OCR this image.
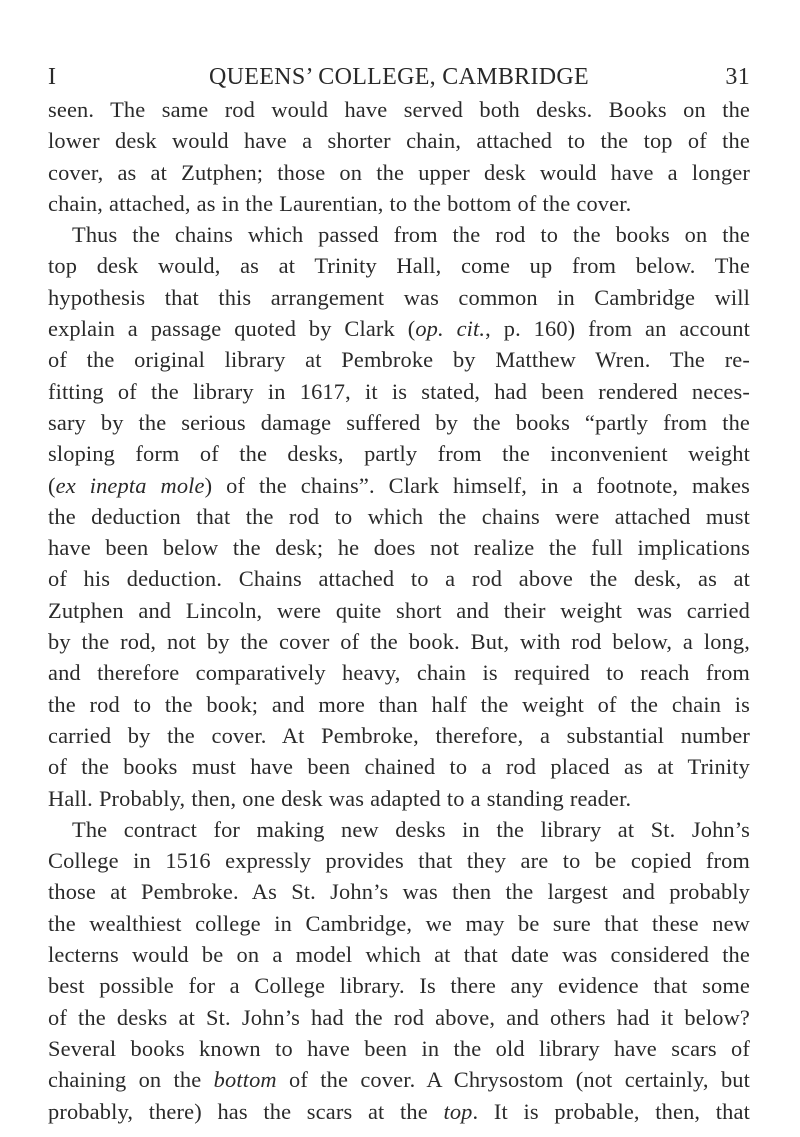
I	QUEENS’ COLLEGE, CAMBRIDGE	31
seen. The same rod would have served both desks. Books on the
lower desk would have a shorter chain, attached to the top of the
cover, as at Zutphen; those on the upper desk would have a longer
chain, attached, as in the Laurentian, to the bottom of the cover.
Thus the chains which passed from the rod to the books on the
top desk would, as at Trinity Hall, come up from below. The
hypothesis that this arrangement was common in Cambridge will
explain a passage quoted by Clark (op. cit., p. 160) from an account
of the original library at Pembroke by Matthew Wren. The re-
fitting of the library in 1617, it is stated, had been rendered neces-
sary by the serious damage suffered by the books “partly from the
sloping form of the desks, partly from the inconvenient weight
(ex inepta mole) of the chains”. Clark himself, in a footnote, makes
the deduction that the rod to which the chains were attached must
have been below the desk; he does not realize the full implications
of his deduction. Chains attached to a rod above the desk, as at
Zutphen and Lincoln, were quite short and their weight was carried
by the rod, not by the cover of the book. But, with rod below, a long,
and therefore comparatively heavy, chain is required to reach from
the rod to the book; and more than half the weight of the chain is
carried by the cover. At Pembroke, therefore, a substantial number
of the books must have been chained to a rod placed as at Trinity
Hall. Probably, then, one desk was adapted to a standing reader.
The contract for making new desks in the library at St. John’s
College in 1516 expressly provides that they are to be copied from
those at Pembroke. As St. John’s was then the largest and probably
the wealthiest college in Cambridge, we may be sure that these new
lecterns would be on a model which at that date was considered the
best possible for a College library. Is there any evidence that some
of the desks at St. John’s had the rod above, and others had it below?
Several books known to have been in the old library have scars of
chaining on the bottom of the cover. A Chrysostom (not certainly, but
probably, there) has the scars at the top. It is probable, then, that
